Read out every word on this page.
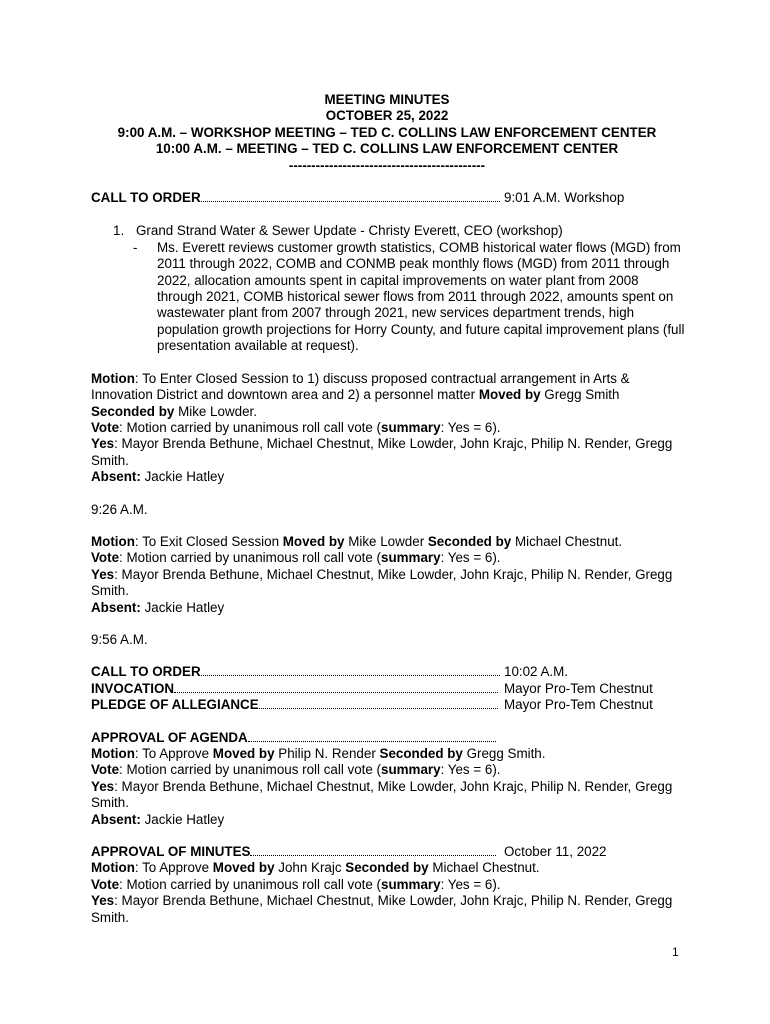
MEETING MINUTES
OCTOBER 25, 2022
9:00 A.M. – WORKSHOP MEETING – TED C. COLLINS LAW ENFORCEMENT CENTER
10:00 A.M. – MEETING – TED C. COLLINS LAW ENFORCEMENT CENTER
--------------------------------------------
CALL TO ORDER	9:01 A.M. Workshop
1. Grand Strand Water & Sewer Update - Christy Everett, CEO (workshop)
- Ms. Everett reviews customer growth statistics, COMB historical water flows (MGD) from 2011 through 2022, COMB and CONMB peak monthly flows (MGD) from 2011 through 2022, allocation amounts spent in capital improvements on water plant from 2008 through 2021, COMB historical sewer flows from 2011 through 2022, amounts spent on wastewater plant from 2007 through 2021, new services department trends, high population growth projections for Horry County, and future capital improvement plans (full presentation available at request).

Motion: To Enter Closed Session to 1) discuss proposed contractual arrangement in Arts & Innovation District and downtown area and 2) a personnel matter Moved by Gregg Smith
Seconded by Mike Lowder.

Vote: Motion carried by unanimous roll call vote (summary: Yes = 6).

Yes: Mayor Brenda Bethune, Michael Chestnut, Mike Lowder, John Krajc, Philip N. Render, Gregg Smith.

Absent: Jackie Hatley

9:26 A.M.

Motion: To Exit Closed Session Moved by Mike Lowder Seconded by Michael Chestnut.

Vote: Motion carried by unanimous roll call vote (summary: Yes = 6).

Yes: Mayor Brenda Bethune, Michael Chestnut, Mike Lowder, John Krajc, Philip N. Render, Gregg Smith.

Absent: Jackie Hatley

9:56 A.M.

CALL TO ORDER	10:02 A.M.
INVOCATION	Mayor Pro-Tem Chestnut
PLEDGE OF ALLEGIANCE	Mayor Pro-Tem Chestnut
APPROVAL OF AGENDA

Motion: To Approve Moved by Philip N. Render Seconded by Gregg Smith.

Vote: Motion carried by unanimous roll call vote (summary: Yes = 6).

Yes: Mayor Brenda Bethune, Michael Chestnut, Mike Lowder, John Krajc, Philip N. Render, Gregg Smith.

Absent: Jackie Hatley

APPROVAL OF MINUTES	October 11, 2022

Motion: To Approve Moved by John Krajc Seconded by Michael Chestnut.

Vote: Motion carried by unanimous roll call vote (summary: Yes = 6).

Yes: Mayor Brenda Bethune, Michael Chestnut, Mike Lowder, John Krajc, Philip N. Render, Gregg Smith.

1
